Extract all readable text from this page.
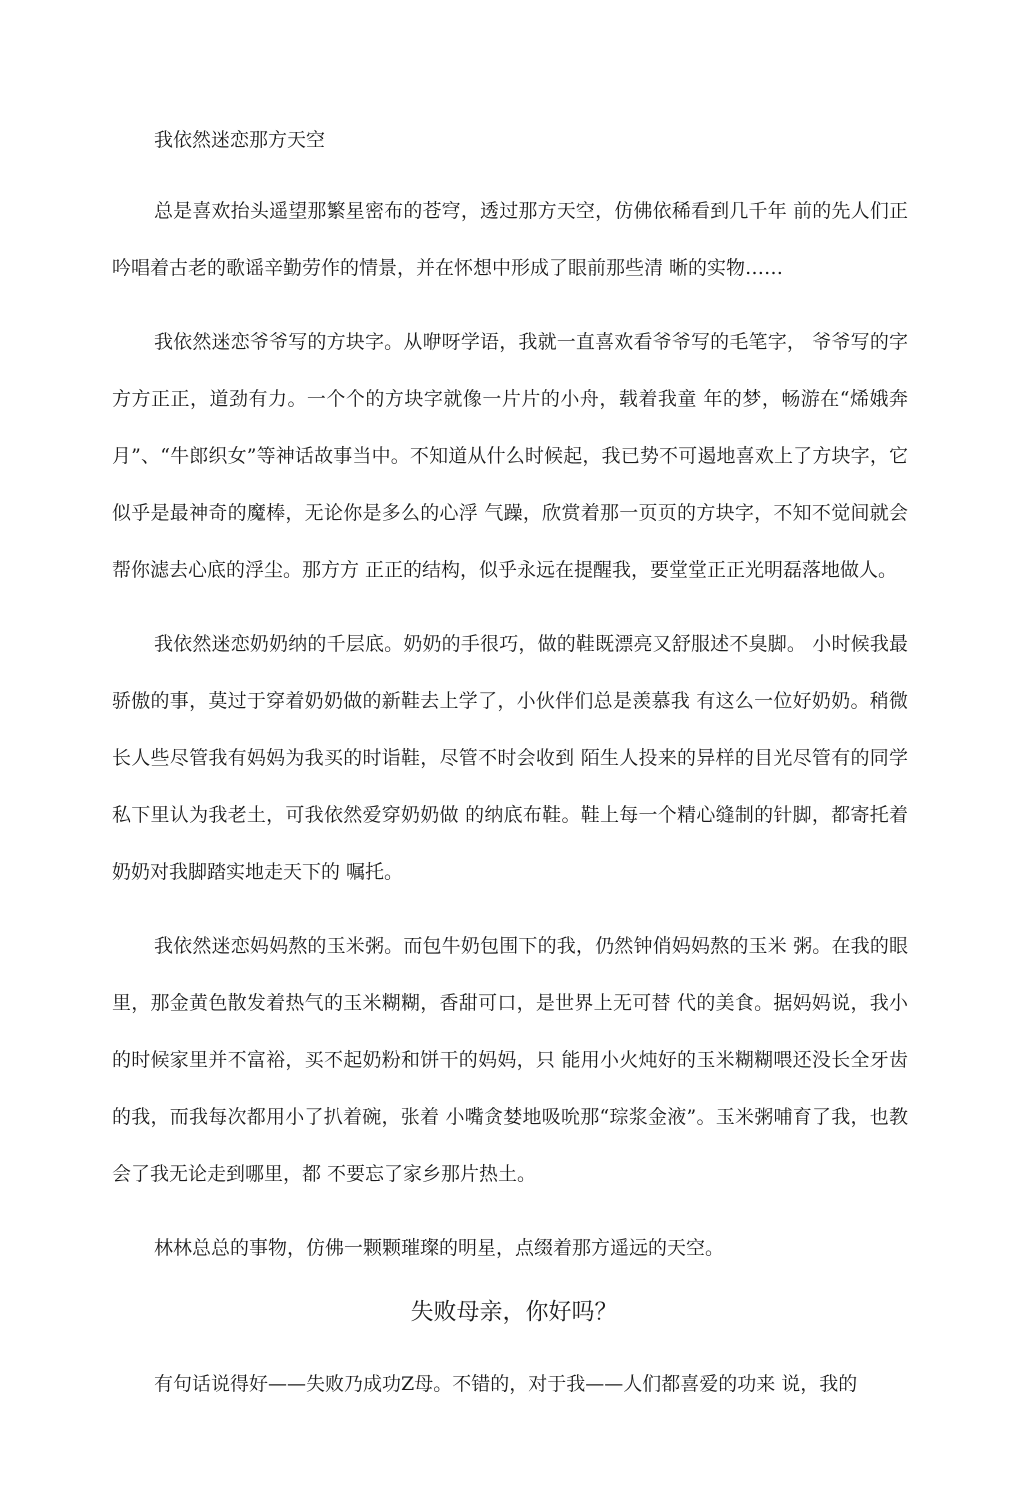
我依然迷恋那方天空

总是喜欢抬头遥望那繁星密布的苍穹，透过那方天空，仿佛依稀看到几千年 前的先人们正吟唱着古老的歌谣辛勤劳作的情景，并在怀想中形成了眼前那些清 晰的实物……

我依然迷恋爷爷写的方块字。从咿呀学语，我就一直喜欢看爷爷写的毛笔字， 爷爷写的字方方正正，道劲有力。一个个的方块字就像一片片的小舟，载着我童 年的梦，畅游在“烯娥奔月”、“牛郎织女”等神话故事当中。不知道从什么时候起，我已势不可遏地喜欢上了方块字，它似乎是最神奇的魔棒，无论你是多么的心浮 气躁，欣赏着那一页页的方块字，不知不觉间就会帮你滤去心底的浮尘。那方方 正正的结构，似乎永远在提醒我，要堂堂正正光明磊落地做人。

我依然迷恋奶奶纳的千层底。奶奶的手很巧，做的鞋既漂亮又舒服述不臭脚。 小时候我最骄傲的事，莫过于穿着奶奶做的新鞋去上学了，小伙伴们总是羡慕我 有这么一位好奶奶。稍微长人些尽管我有妈妈为我买的时诣鞋，尽管不时会收到 陌生人投来的异样的目光尽管有的同学私下里认为我老土，可我依然爱穿奶奶做 的纳底布鞋。鞋上每一个精心缝制的针脚，都寄托着奶奶对我脚踏实地走天下的 嘱托。

我依然迷恋妈妈熬的玉米粥。而包牛奶包围下的我，仍然钟俏妈妈熬的玉米 粥。在我的眼里，那金黄色散发着热气的玉米糊糊，香甜可口，是世界上无可替 代的美食。据妈妈说，我小的时候家里并不富裕，买不起奶粉和饼干的妈妈，只 能用小火炖好的玉米糊糊喂还没长全牙齿的我，而我每次都用小了扒着碗，张着 小嘴贪婪地吸吮那“琮浆金液”。玉米粥哺育了我，也教会了我无论走到哪里，都 不要忘了家乡那片热土。

林林总总的事物，仿佛一颗颗璀璨的明星，点缀着那方遥远的天空。

失败母亲，你好吗？

有句话说得好——失败乃成功Z母。不错的，对于我——人们都喜爱的功来 说，我的
